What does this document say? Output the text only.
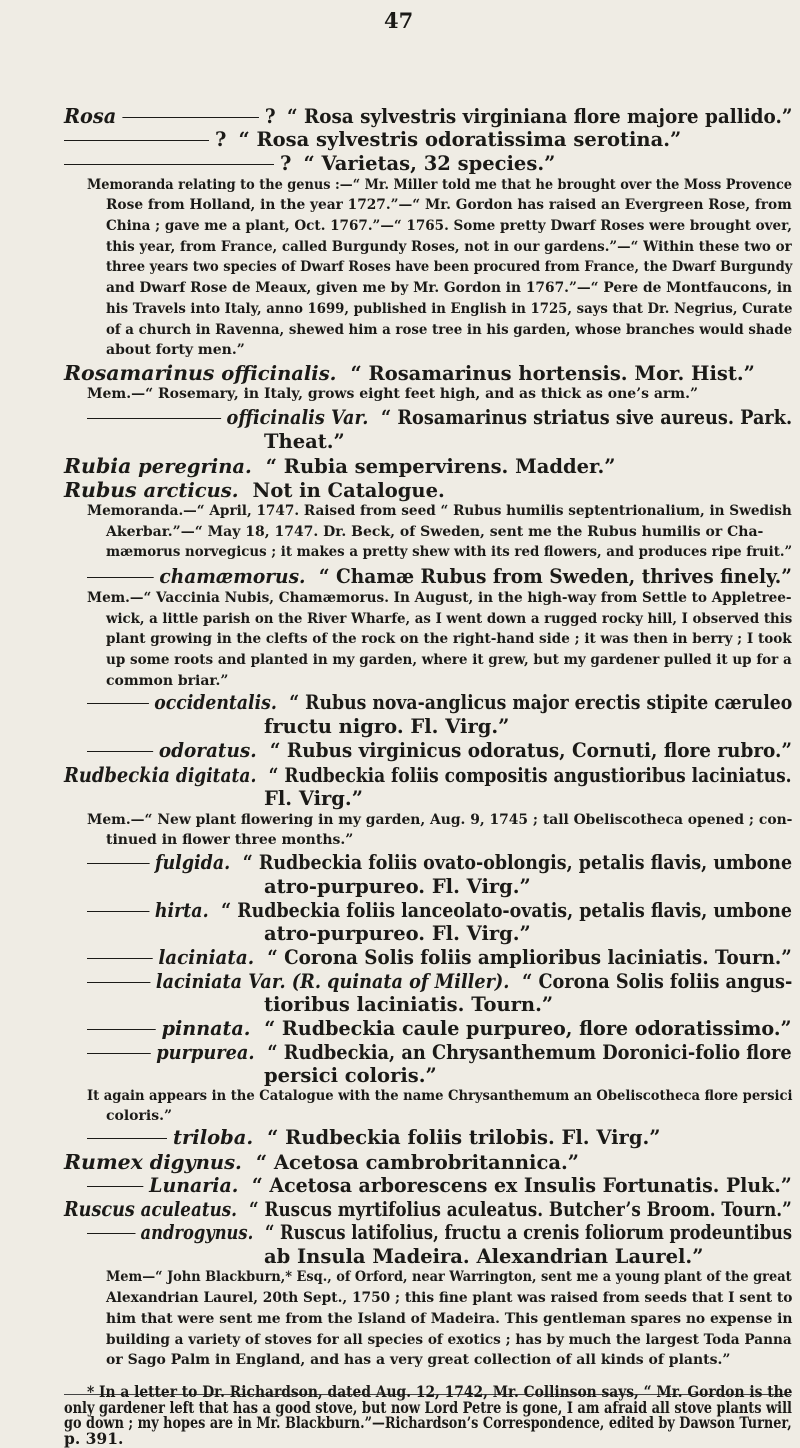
47
Rosa	? “ Rosa sylvestris virginiana flore majore pallido.”
? “ Rosa sylvestris odoratissima serotina.”
? “ Varietas, 32 species.”
Memoranda relating to the genus :—“ Mr. Miller told me that he brought over the Moss Provence
Rose from Holland, in the year 1727.”—“ Mr. Gordon has raised an Evergreen Rose, from
China ; gave me a plant, Oct. 1767.”—“ 1765. Some pretty Dwarf Roses were brought over,
this year, from France, called Burgundy Roses, not in our gardens.”—“ Within these two or
three years two species of Dwarf Roses have been procured from France, the Dwarf Burgundy
and Dwarf Rose de Meaux, given me by Mr. Gordon in 1767.”—“ Pere de Montfaucons, in
his Travels into Italy, anno 1699, published in English in 1725, says that Dr. Negrius, Curate
of a church in Ravenna, shewed him a rose tree in his garden, whose branches would shade
about forty men.”
Rosamarinus officinalis. “ Rosamarinus hortensis. Mor. Hist.”
Mem.—“ Rosemary, in Italy, grows eight feet high, and as thick as one’s arm.”
officinalis Var. “ Rosamarinus striatus sive aureus. Park.
Theat.”
Rubia peregrina. “ Rubia sempervirens. Madder.”
Rubus arcticus. Not in Catalogue.
Memoranda.—“ April, 1747. Raised from seed “ Rubus humilis septentrionalium, in Swedish
Akerbar.”—“ May 18, 1747. Dr. Beck, of Sweden, sent me the Rubus humilis or Cha-
mæmorus norvegicus ; it makes a pretty shew with its red flowers, and produces ripe fruit.”
chamæmorus. “ Chamæ Rubus from Sweden, thrives finely.”
Mem.—“ Vaccinia Nubis, Chamæmorus. In August, in the high-way from Settle to Appletree-
wick, a little parish on the River Wharfe, as I went down a rugged rocky hill, I observed this
plant growing in the clefts of the rock on the right-hand side ; it was then in berry ; I took
up some roots and planted in my garden, where it grew, but my gardener pulled it up for a
common briar.”
occidentalis. “ Rubus nova-anglicus major erectis stipite cæruleo
fructu nigro. Fl. Virg.”
odoratus. “ Rubus virginicus odoratus, Cornuti, flore rubro.”
Rudbeckia digitata. “ Rudbeckia foliis compositis angustioribus laciniatus.
Fl. Virg.”
Mem.—“ New plant flowering in my garden, Aug. 9, 1745 ; tall Obeliscotheca opened ; con-
tinued in flower three months.”
fulgida. “ Rudbeckia foliis ovato-oblongis, petalis flavis, umbone
atro-purpureo. Fl. Virg.”
hirta. “ Rudbeckia foliis lanceolato-ovatis, petalis flavis, umbone
atro-purpureo. Fl. Virg.”
laciniata. “ Corona Solis foliis amplioribus laciniatis. Tourn.”
laciniata Var. (R. quinata of Miller). “ Corona Solis foliis angus-
tioribus laciniatis. Tourn.”
pinnata. “ Rudbeckia caule purpureo, flore odoratissimo.”
purpurea. “ Rudbeckia, an Chrysanthemum Doronici-folio flore
persici coloris.”
It again appears in the Catalogue with the name Chrysanthemum an Obeliscotheca flore persici
coloris.”
triloba. “ Rudbeckia foliis trilobis. Fl. Virg.”
Rumex digynus. “ Acetosa cambrobritannica.”
Lunaria. “ Acetosa arborescens ex Insulis Fortunatis. Pluk.”
Ruscus aculeatus. “ Ruscus myrtifolius aculeatus. Butcher’s Broom. Tourn.”
androgynus. “ Ruscus latifolius, fructu a crenis foliorum prodeuntibus
ab Insula Madeira. Alexandrian Laurel.”
Mem—“ John Blackburn,* Esq., of Orford, near Warrington, sent me a young plant of the great
Alexandrian Laurel, 20th Sept., 1750 ; this fine plant was raised from seeds that I sent to
him that were sent me from the Island of Madeira. This gentleman spares no expense in
building a variety of stoves for all species of exotics ; has by much the largest Toda Panna
or Sago Palm in England, and has a very great collection of all kinds of plants.”
* In a letter to Dr. Richardson, dated Aug. 12, 1742, Mr. Collinson says, “ Mr. Gordon is the
only gardener left that has a good stove, but now Lord Petre is gone, I am afraid all stove plants will
go down ; my hopes are in Mr. Blackburn.”—Richardson’s Correspondence, edited by Dawson Turner,
p. 391.
